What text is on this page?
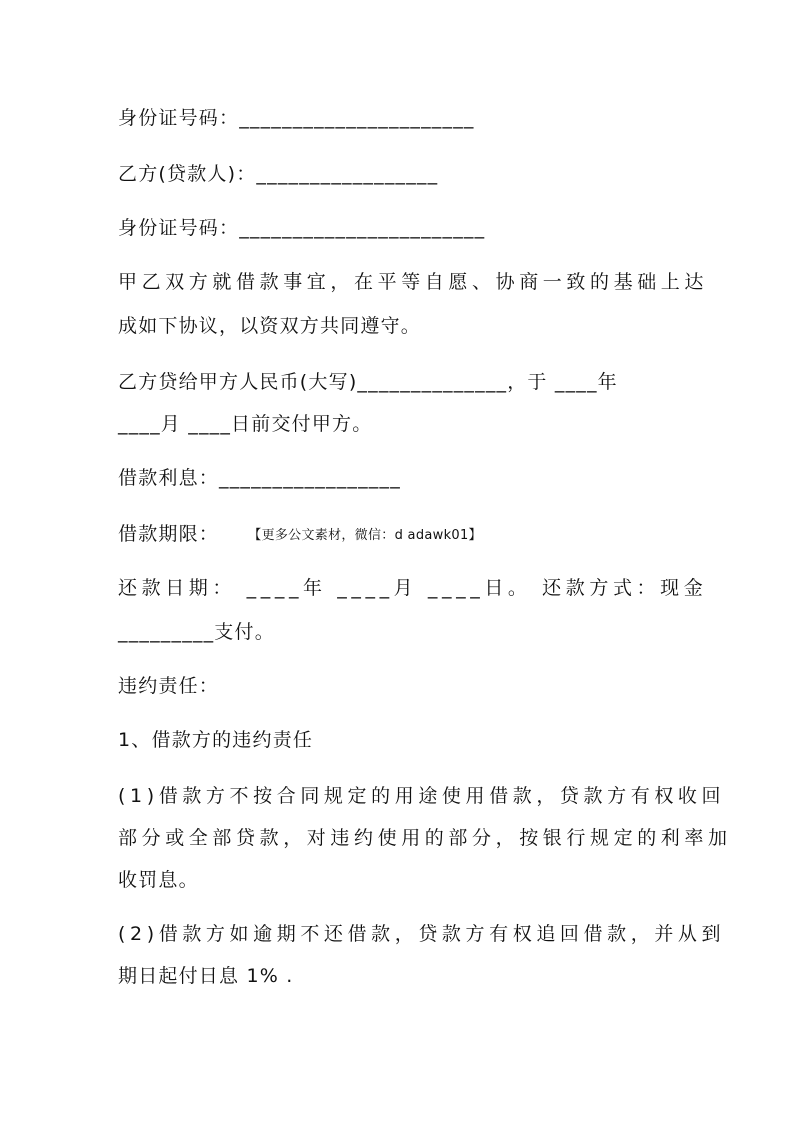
身份证号码：______________________
乙方(贷款人)：_________________
身份证号码：_______________________
甲乙双方就借款事宜，在平等自愿、协商一致的基础上达
成如下协议，以资双方共同遵守。
乙方贷给甲方人民币(大写)______________，于 ____年
____月 ____日前交付甲方。
借款利息：_________________
借款期限： 【更多公文素材，微信：d adawk01】
还款日期： ____年 ____月 ____日。 还款方式：现金
_________支付。
违约责任：
1、借款方的违约责任
(1)借款方不按合同规定的用途使用借款，贷款方有权收回
部分或全部贷款，对违约使用的部分，按银行规定的利率加
收罚息。
(2)借款方如逾期不还借款，贷款方有权追回借款，并从到
期日起付日息 1% .
